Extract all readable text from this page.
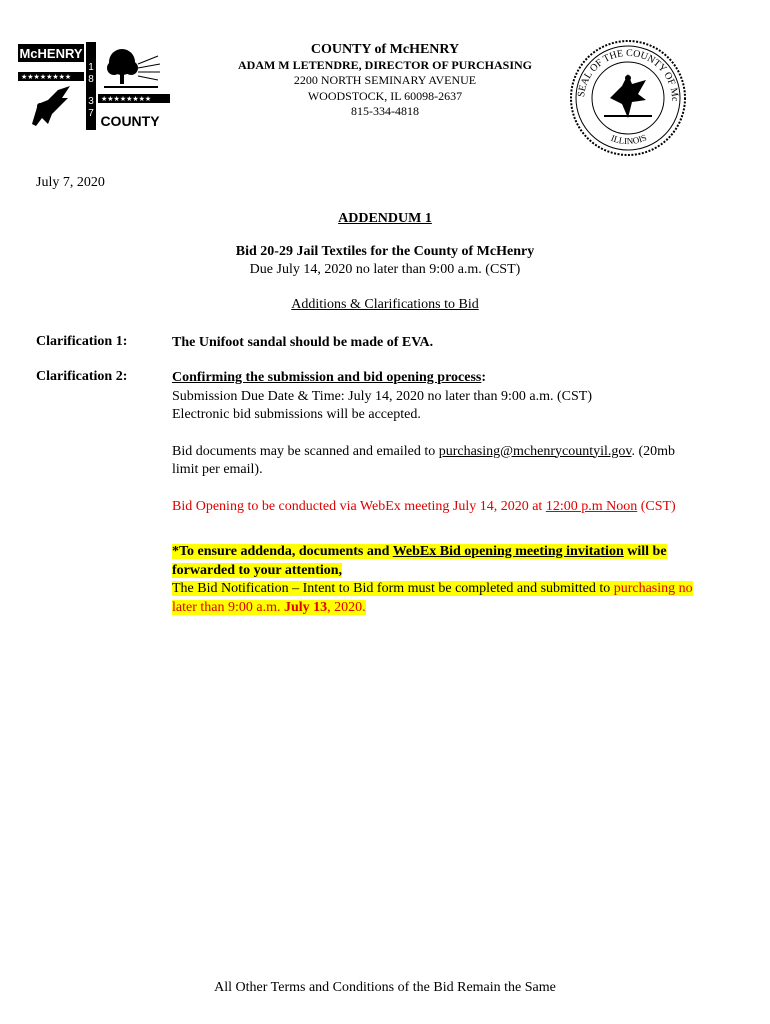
McHENRY
1
8
3
7
★★★★★★★★
★★★★★★★★
COUNTY
SEAL OF THE COUNTY OF Mc
ILLINOIS
COUNTY of McHENRY
ADAM M LETENDRE, DIRECTOR OF PURCHASING
2200 NORTH SEMINARY AVENUE
WOODSTOCK, IL 60098-2637
815-334-4818
July 7, 2020
ADDENDUM 1
Bid 20-29 Jail Textiles for the County of McHenry
Due July 14, 2020 no later than 9:00 a.m. (CST)
Additions & Clarifications to Bid
Clarification 1:	The Unifoot sandal should be made of EVA.
Clarification 2:	Confirming the submission and bid opening process:
Submission Due Date & Time: July 14, 2020 no later than 9:00 a.m. (CST)
Electronic bid submissions will be accepted.
Bid documents may be scanned and emailed to purchasing@mchenrycountyil.gov. (20mb
limit per email).
Bid Opening to be conducted via WebEx meeting July 14, 2020 at 12:00 p.m Noon (CST)
*To ensure addenda, documents and WebEx Bid opening meeting invitation will be
forwarded to your attention,
The Bid Notification – Intent to Bid form must be completed and submitted to purchasing no
later than 9:00 a.m. July 13, 2020.
All Other Terms and Conditions of the Bid Remain the Same
